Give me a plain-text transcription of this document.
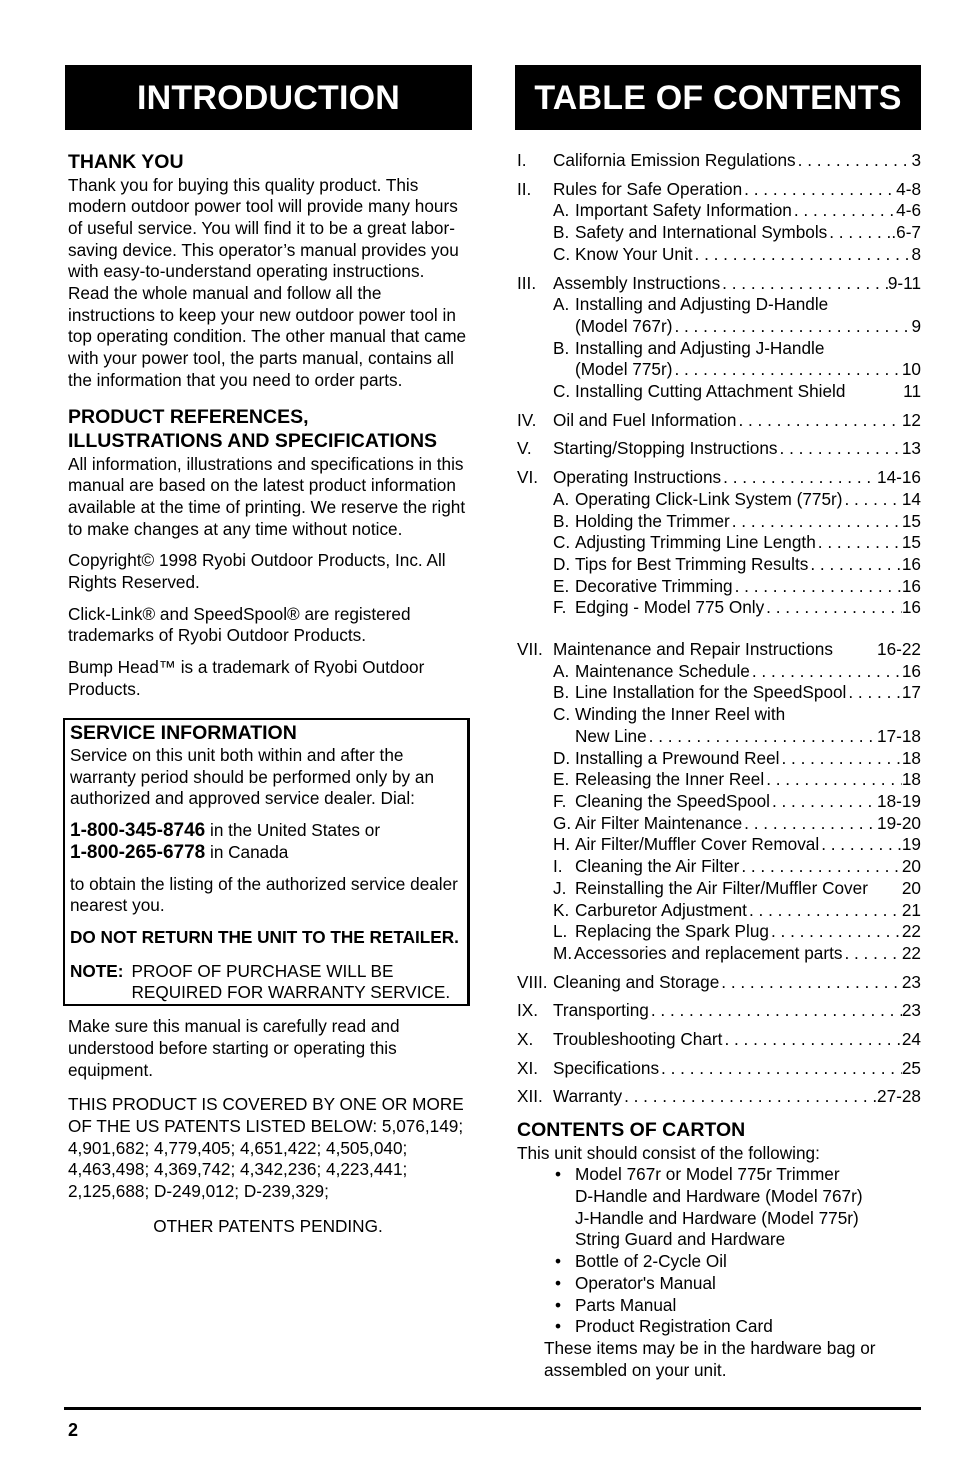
INTRODUCTION	TABLE OF CONTENTS
THANK YOU

Thank you for buying this quality product. This modern outdoor power tool will provide many hours of useful service. You will find it to be a great labor-saving device. This operator’s manual provides you with easy-to-understand operating instructions. Read the whole manual and follow all the instructions to keep your new outdoor power tool in top operating condition. The other manual that came with your power tool, the parts manual, contains all the information that you need to order parts.

PRODUCT REFERENCES, ILLUSTRATIONS AND SPECIFICATIONS

All information, illustrations and specifications in this manual are based on the latest product information available at the time of printing. We reserve the right to make changes at any time without notice.

Copyright© 1998 Ryobi Outdoor Products, Inc. All Rights Reserved.

Click-Link® and SpeedSpool® are registered trademarks of Ryobi Outdoor Products.

Bump Head™ is a trademark of Ryobi Outdoor Products.

SERVICE INFORMATION

Service on this unit both within and after the warranty period should be performed only by an authorized and approved service dealer. Dial:

1-800-345-8746 in the United States or

1-800-265-6778 in Canada

to obtain the listing of the authorized service dealer nearest you.

DO NOT RETURN THE UNIT TO THE RETAILER.

NOTE: PROOF OF PURCHASE WILL BE REQUIRED FOR WARRANTY SERVICE.

Make sure this manual is carefully read and understood before starting or operating this equipment.

THIS PRODUCT IS COVERED BY ONE OR MORE OF THE US PATENTS LISTED BELOW: 5,076,149; 4,901,682; 4,779,405; 4,651,422; 4,505,040; 4,463,498; 4,369,742; 4,342,236; 4,223,441; 2,125,688; D-249,012; D-239,329;

OTHER PATENTS PENDING.

I.	California Emission Regulations . . .	3
II.	Rules for Safe Operation . . .	4-8
A. Important Safety Information . . .	4-6
B. Safety and International Symbols . . .	.6-7
C. Know Your Unit . . .	8
III. Assembly Instructions . . .	9-11
A. Installing and Adjusting D-Handle
(Model 767r) . . .	9
B. Installing and Adjusting J-Handle
(Model 775r) . . .	10
C. Installing Cutting Attachment Shield	11
IV. Oil and Fuel Information . . .	12
V.	Starting/Stopping Instructions . . .	13
VI. Operating Instructions . . .	14-16
A. Operating Click-Link System (775r) . . .	14
B. Holding the Trimmer . . .	15
C. Adjusting Trimming Line Length . . .	15
D. Tips for Best Trimming Results . . .	16
E. Decorative Trimming . . .	16
F. Edging - Model 775 Only . . .	16
VII. Maintenance and Repair Instructions	16-22
A. Maintenance Schedule . . .	16
B. Line Installation for the SpeedSpool . . .	17
C. Winding the Inner Reel with
New Line . . .	17-18
D. Installing a Prewound Reel . . .	18
E. Releasing the Inner Reel . . .	18
F. Cleaning the SpeedSpool . . .	18-19
G. Air Filter Maintenance . . .	19-20
H. Air Filter/Muffler Cover Removal . . .	.19
I. Cleaning the Air Filter . . .	20
J. Reinstalling the Air Filter/Muffler Cover 20
K. Carburetor Adjustment . . .	21
L. Replacing the Spark Plug . . .	22
M. Accessories and replacement parts . . .	22
VIII. Cleaning and Storage . . .	23
IX. Transporting . . .	23
X.	Troubleshooting Chart . . .	24
XI. Specifications . . .	25
XII. Warranty . . .	27-28
CONTENTS OF CARTON

This unit should consist of the following:

• Model 767r or Model 775r Trimmer

D-Handle and Hardware (Model 767r)

J-Handle and Hardware (Model 775r)

String Guard and Hardware

• Bottle of 2-Cycle Oil
• Operator's Manual
• Parts Manual
• Product Registration Card

These items may be in the hardware bag or assembled on your unit.

2
